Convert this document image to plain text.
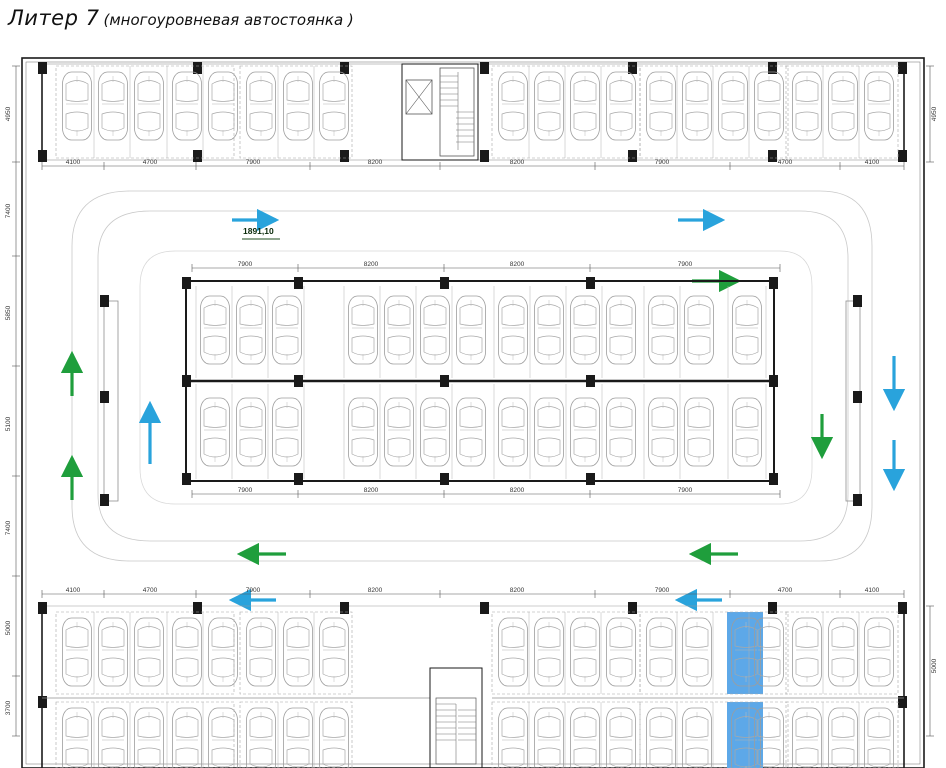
Литер 7 (многоуровневая автостоянка )
4100	4700	7900	8200	8200	7900	4700	4100
4950
7400
5850
5100
7400
5000
3700
4950
5000
1891,10
7900	8200	8200	7900
7900	8200	8200	7900
4100	4700	7900	8200	8200	7900	4700	4100
